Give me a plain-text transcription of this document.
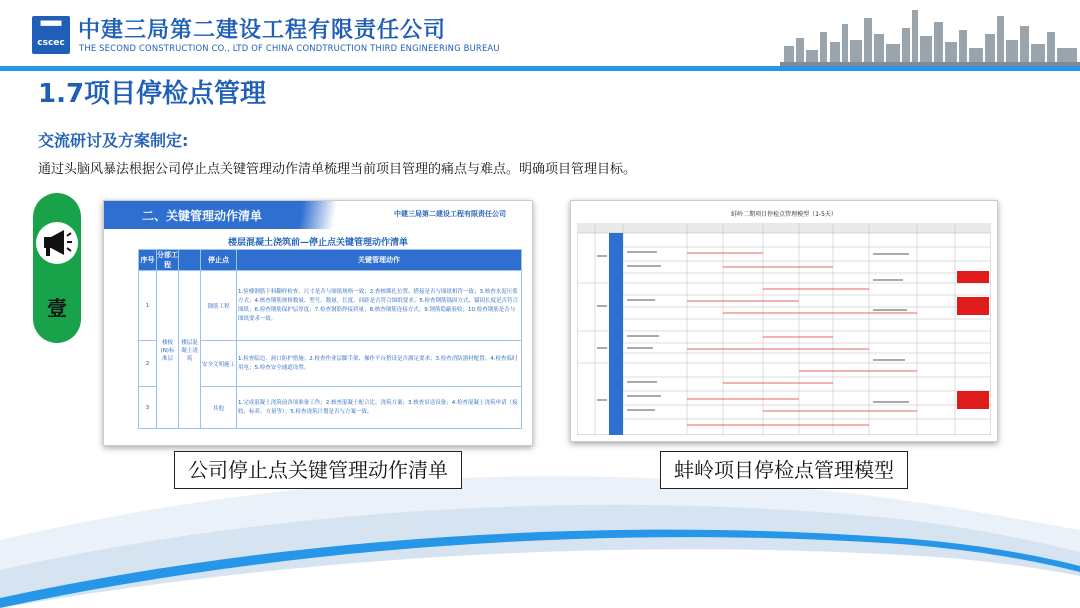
▀▀▀
cscec 中建三局第二建设工程有限责任公司
THE SECOND CONSTRUCTION CO., LTD OF CHINA CONDTRUCTION THIRD ENGINEERING BUREAU
1.7项目停检点管理
交流研讨及方案制定:
通过头脑风暴法根据公司停止点关键管理动作清单梳理当前项目管理的痛点与难点。明确项目管理目标。
壹
二、关键管理动作清单	中建三局第二建设工程有限责任公司
楼层混凝土浇筑前—停止点关键管理动作清单
序号	分部工程		停止点	关键管理动作
1	楼板(N)标准层	楼层混凝土浇筑	钢筋工程	1.验楼钢筋下料翻样检查、尺寸是否与图纸规格一致；2.查核绑扎位置、搭接是否与图纸相符一致；3.核查水泥压浆方式；4.核查钢筋规格数量、型号、数量、长度、间距是否符合图纸要求；5.检查钢筋锚固方式、锚固长度是否符合图纸；6.检查钢筋保护层厚度；7.检查钢筋焊接质量；8.核查钢筋连接方式；9.钢筋隐蔽验收；10.检查钢筋是否与图纸要求一致。
2			安全文明施工	1.检查临边、洞口防护措施；2.检查作业层脚手架、操作平台搭设是否满足要求；3.检查消防器材配置；4.检查临时用电；5.检查安全通道设置。
3			其他	1.完成混凝土浇筑前各项准备工作；2.核查混凝土配合比、浇筑方案；3.核查泵送设备；4.检查混凝土浇筑申请（接收、标养、方量等）；5.检查浇筑计划是否与方案一致。
蚌岭二期项目停检点管理模型（1-5天）
公司停止点关键管理动作清单	蚌岭项目停检点管理模型
